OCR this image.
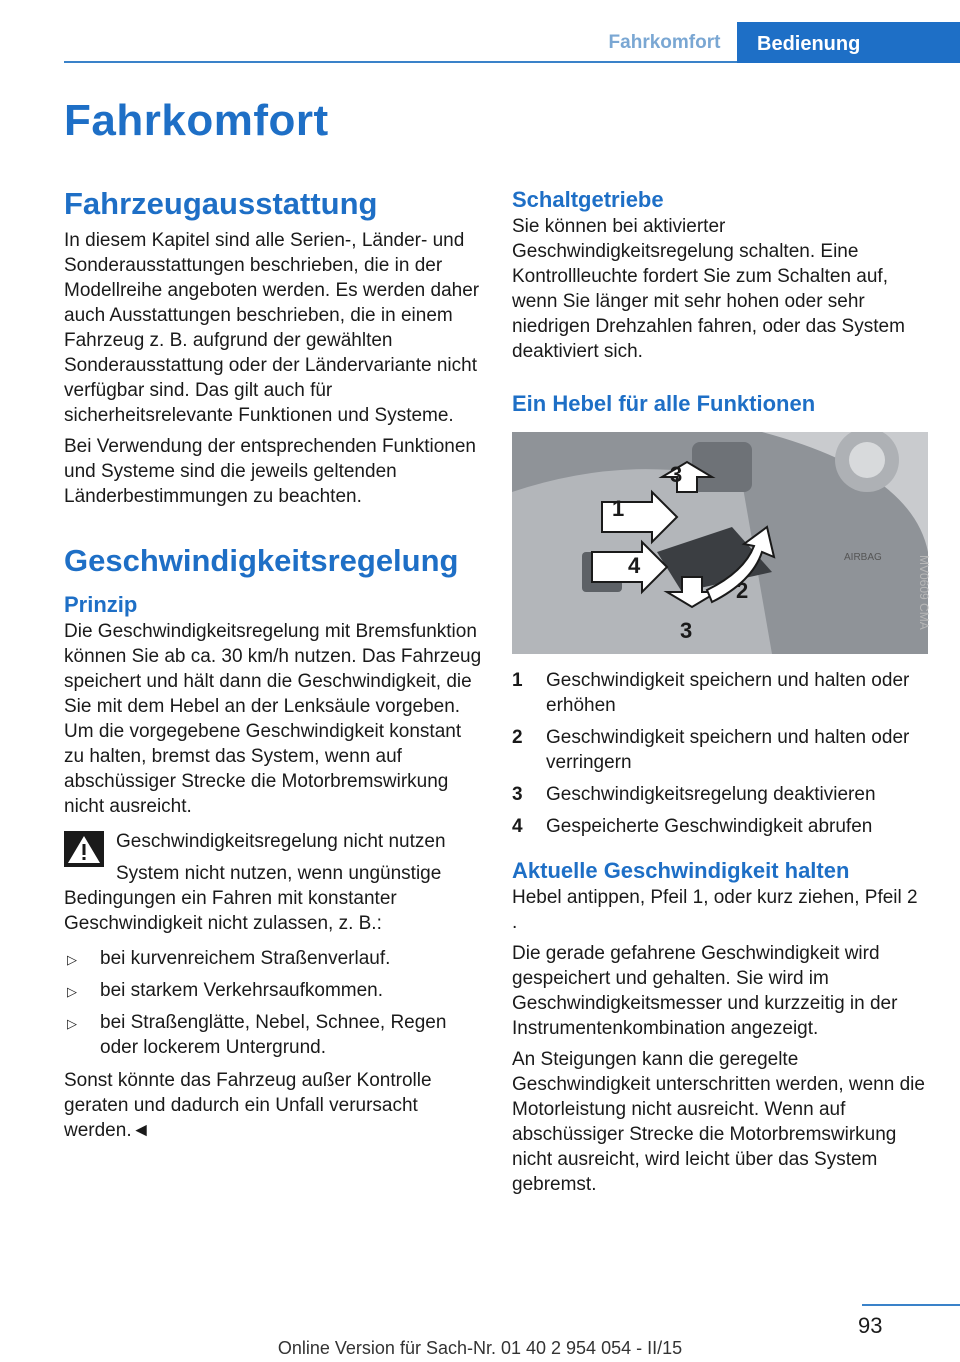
Fahrkomfort	Bedienung
Fahrkomfort
Fahrzeugausstattung

In diesem Kapitel sind alle Serien-, Länder- und Sonderausstattungen beschrieben, die in der Modellreihe angeboten werden. Es werden daher auch Ausstattungen beschrieben, die in einem Fahrzeug z. B. aufgrund der gewählten Sonderausstattung oder der Ländervariante nicht verfügbar sind. Das gilt auch für sicherheitsrelevante Funktionen und Systeme.

Bei Verwendung der entsprechenden Funktionen und Systeme sind die jeweils geltenden Länderbestimmungen zu beachten.

Geschwindigkeitsregelung
Prinzip

Die Geschwindigkeitsregelung mit Bremsfunktion können Sie ab ca. 30 km/h nutzen. Das Fahrzeug speichert und hält dann die Geschwindigkeit, die Sie mit dem Hebel an der Lenksäule vorgeben. Um die vorgegebene Geschwindigkeit konstant zu halten, bremst das System, wenn auf abschüssiger Strecke die Motorbremswirkung nicht ausreicht.

Geschwindigkeitsregelung nicht nutzen
System nicht nutzen, wenn ungünstige Bedingungen ein Fahren mit konstanter Geschwindigkeit nicht zulassen, z. B.:
▷ bei kurvenreichem Straßenverlauf.
▷ bei starkem Verkehrsaufkommen.
▷ bei Straßenglätte, Nebel, Schnee, Regen oder lockerem Untergrund.

Sonst könnte das Fahrzeug außer Kontrolle geraten und dadurch ein Unfall verursacht werden.◄

Schaltgetriebe

Sie können bei aktivierter Geschwindigkeitsregelung schalten. Eine Kontrollleuchte fordert Sie zum Schalten auf, wenn Sie länger mit sehr hohen oder sehr niedrigen Drehzahlen fahren, oder das System deaktiviert sich.

Ein Hebel für alle Funktionen
1
2
3
3
4	AIRBAG
1 Geschwindigkeit speichern und halten oder erhöhen
2 Geschwindigkeit speichern und halten oder verringern
3 Geschwindigkeitsregelung deaktivieren
4 Gespeicherte Geschwindigkeit abrufen
Aktuelle Geschwindigkeit halten

Hebel antippen, Pfeil 1, oder kurz ziehen, Pfeil 2 .

Die gerade gefahrene Geschwindigkeit wird gespeichert und gehalten. Sie wird im Geschwindigkeitsmesser und kurzzeitig in der Instrumentenkombination angezeigt.

An Steigungen kann die geregelte Geschwindigkeit unterschritten werden, wenn die Motorleistung nicht ausreicht. Wenn auf abschüssiger Strecke die Motorbremswirkung nicht ausreicht, wird leicht über das System gebremst.

MV0609 CMA
93
Online Version für Sach-Nr. 01 40 2 954 054 - II/15
